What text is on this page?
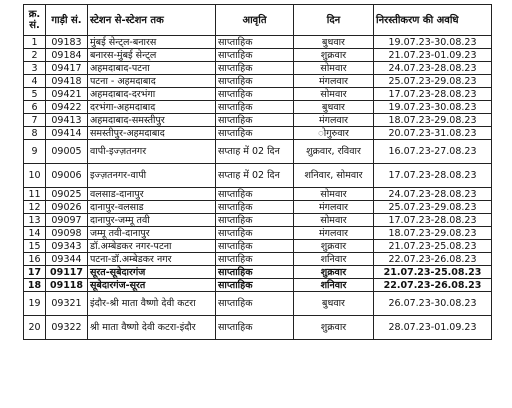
क्र. सं.	गाड़ी सं.	स्टेशन से-स्टेशन तक	आवृति	दिन	निरस्तीकरण की अवधि
1	09183	मुंबई सेन्ट्ल-बनारस	साप्ताहिक	बुधवार	19.07.23-30.08.23
2	09184	बनारस-मुंबई सेन्ट्ल	साप्ताहिक	शुक्रवार	21.07.23-01.09.23
3	09417	अहमदाबाद-पटना	साप्ताहिक	सोमवार	24.07.23-28.08.23
4	09418	पटना - अहमदाबाद	साप्ताहिक	मंगलवार	25.07.23-29.08.23
5	09421	अहमदाबाद-दरभंगा	साप्ताहिक	सोमवार	17.07.23-28.08.23
6	09422	दरभंगा-अहमदाबाद	साप्ताहिक	बुधवार	19.07.23-30.08.23
7	09413	अहमदाबाद-समस्तीपुर	साप्ताहिक	मंगलवार	18.07.23-29.08.23
8	09414	समस्तीपुर-अहमदाबाद	साप्ताहिक	ोगुरुवार	20.07.23-31.08.23
9	09005	वापी-इज्ज़तनगर	सप्ताह में 02 दिन	शुक्रवार, रविवार	16.07.23-27.08.23
10	09006	इज्ज़तनगर-वापी	सप्ताह में 02 दिन	शनिवार, सोमवार	17.07.23-28.08.23
11	09025	वलसाड-दानापुर	साप्ताहिक	सोमवार	24.07.23-28.08.23
12	09026	दानापुर-वलसाड	साप्ताहिक	मंगलवार	25.07.23-29.08.23
13	09097	दानापुर-जम्मू तवी	साप्ताहिक	सोमवार	17.07.23-28.08.23
14	09098	जम्मू तवी-दानापुर	साप्ताहिक	मंगलवार	18.07.23-29.08.23
15	09343	डॉ.अम्बेडकर नगर-पटना	साप्ताहिक	शुक्रवार	21.07.23-25.08.23
16	09344	पटना-डॉ.अम्बेडकर नगर	साप्ताहिक	शनिवार	22.07.23-26.08.23
17	09117	सूरत-सूबेदारगंज	साप्ताहिक	शुक्रवार	21.07.23-25.08.23
18	09118	सूबेदारगंज-सूरत	साप्ताहिक	शनिवार	22.07.23-26.08.23
19	09321	इंदौर-श्री माता वैष्णो देवी कटरा	साप्ताहिक	बुधवार	26.07.23-30.08.23
20	09322	श्री माता वैष्णो देवी कटरा-इंदौर	साप्ताहिक	शुक्रवार	28.07.23-01.09.23
